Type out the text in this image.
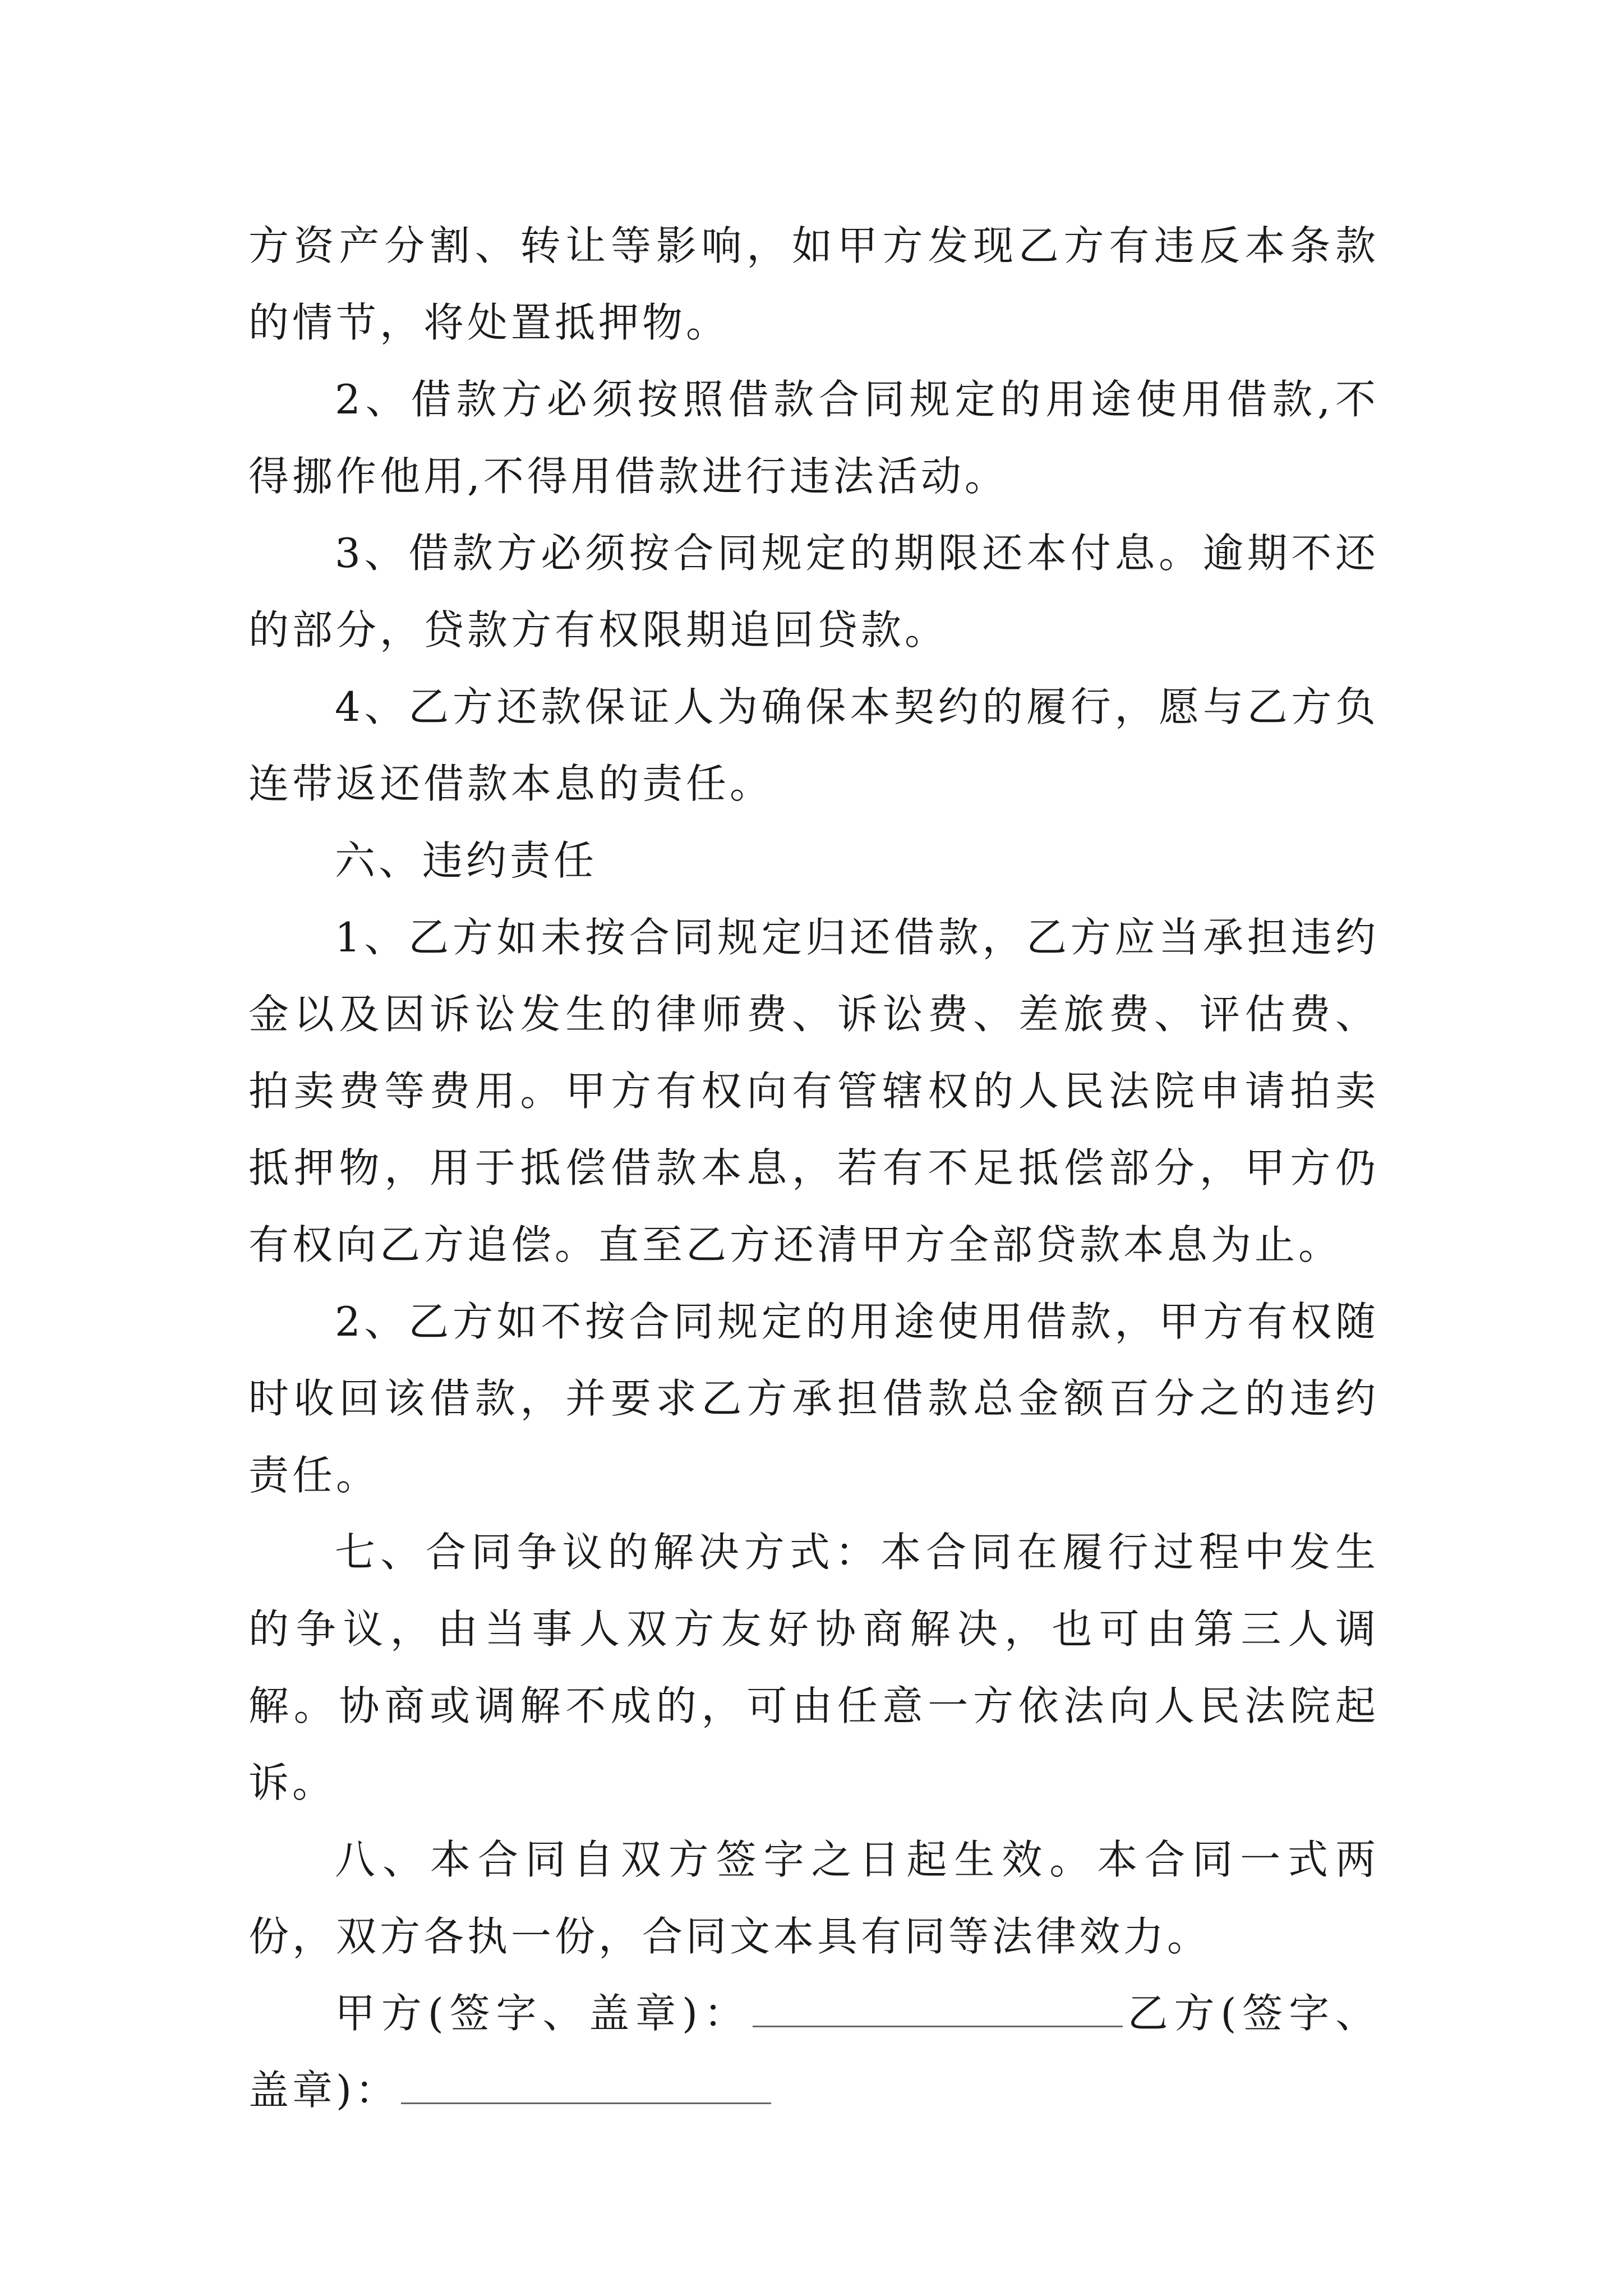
方资产分割、转让等影响，如甲方发现乙方有违反本条款的情节，将处置抵押物。

2、借款方必须按照借款合同规定的用途使用借款,不得挪作他用,不得用借款进行违法活动。

3、借款方必须按合同规定的期限还本付息。逾期不还的部分，贷款方有权限期追回贷款。

4、乙方还款保证人为确保本契约的履行，愿与乙方负连带返还借款本息的责任。

六、违约责任

1、乙方如未按合同规定归还借款，乙方应当承担违约金以及因诉讼发生的律师费、诉讼费、差旅费、评估费、拍卖费等费用。甲方有权向有管辖权的人民法院申请拍卖抵押物，用于抵偿借款本息，若有不足抵偿部分，甲方仍有权向乙方追偿。直至乙方还清甲方全部贷款本息为止。

2、乙方如不按合同规定的用途使用借款，甲方有权随时收回该借款，并要求乙方承担借款总金额百分之的违约责任。

七、合同争议的解决方式：本合同在履行过程中发生的争议，由当事人双方友好协商解决，也可由第三人调解。协商或调解不成的，可由任意一方依法向人民法院起诉。

八、本合同自双方签字之日起生效。本合同一式两份，双方各执一份，合同文本具有同等法律效力。

甲方(签字、盖章)：	乙方(签字、盖章)：
